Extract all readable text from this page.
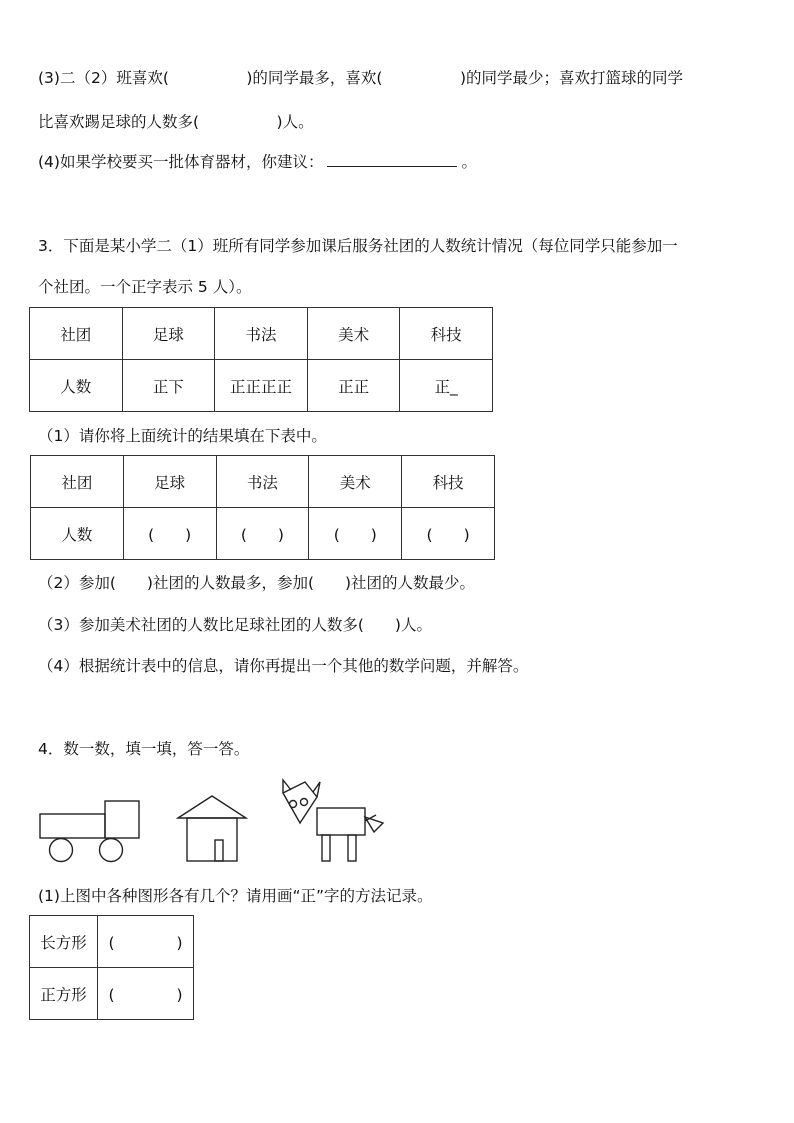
(3)二（2）班喜欢(　　　　　)的同学最多，喜欢(　　　　　)的同学最少；喜欢打篮球的同学
比喜欢踢足球的人数多(　　　　　)人。
(4)如果学校要买一批体育器材，你建议：	。
3．下面是某小学二（1）班所有同学参加课后服务社团的人数统计情况（每位同学只能参加一
个社团。一个正字表示 5 人）。
社团	足球	书法	美术	科技
人数	正下	正正正正	正正	正_
（1）请你将上面统计的结果填在下表中。
社团	足球	书法	美术	科技
人数	(　　)	(　　)	(　　)	(　　)
（2）参加(　　)社团的人数最多，参加(　　)社团的人数最少。
（3）参加美术社团的人数比足球社团的人数多(　　)人。
（4）根据统计表中的信息，请你再提出一个其他的数学问题，并解答。
4．数一数，填一填，答一答。
(1)上图中各种图形各有几个？请用画“正”字的方法记录。
长方形	(　　　　)
正方形	(　　　　)
